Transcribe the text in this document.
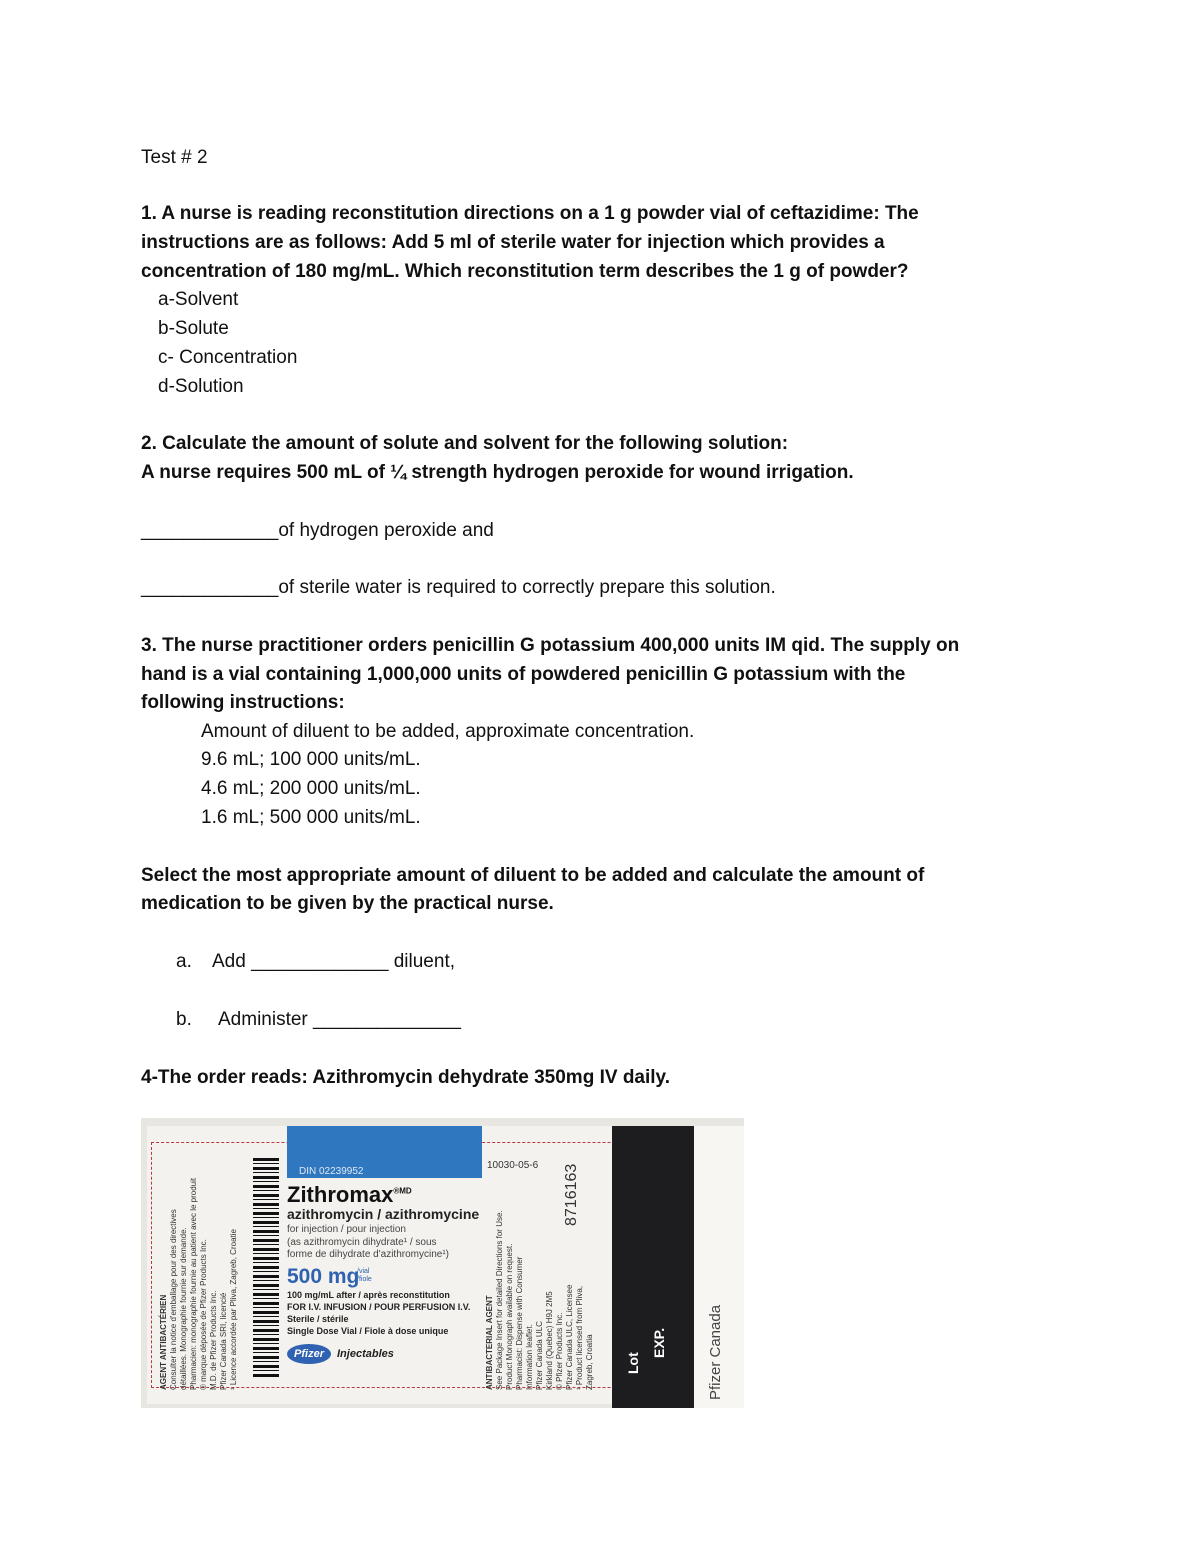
Test # 2
1. A nurse is reading reconstitution directions on a 1 g powder vial of ceftazidime: The
instructions are as follows: Add 5 ml of sterile water for injection which provides a
concentration of 180 mg/mL. Which reconstitution term describes the 1 g of powder?
a-Solvent
b-Solute
c- Concentration
d-Solution
2. Calculate the amount of solute and solvent for the following solution:
A nurse requires 500 mL of ¼ strength hydrogen peroxide for wound irrigation.
_____________of hydrogen peroxide and
_____________of sterile water is required to correctly prepare this solution.
3. The nurse practitioner orders penicillin G potassium 400,000 units IM qid. The supply on
hand is a vial containing 1,000,000 units of powdered penicillin G potassium with the
following instructions:
Amount of diluent to be added, approximate concentration.
9.6 mL; 100 000 units/mL.
4.6 mL; 200 000 units/mL.
1.6 mL; 500 000 units/mL.
Select the most appropriate amount of diluent to be added and calculate the amount of
medication to be given by the practical nurse.
a. Add _____________ diluent,
b. Administer ______________
4-The order reads: Azithromycin dehydrate 350mg IV daily.
AGENT ANTIBACTÉRIEN Consulter la notice d'emballage pour des directives détaillées. Monographie fournie sur demande. Pharmacien: monographie fournie au patient avec le produit ® marque déposée de Pfizer Products Inc. M.D. de Pfizer Products Inc. Pfizer Canada SRI, licencié ¹ Licence accordée par Pliva, Zagreb, Croatie
DIN 02239952
Zithromax$^{®MD}$
azithromycin / azithromycine
for injection / pour injection
(as azithromycin dihydrate¹ / sous
forme de dihydrate d'azithromycine¹)
500 mg
/vial /fiole
100 mg/mL after / après reconstitution
FOR I.V. INFUSION / POUR PERFUSION I.V.
Sterile / stérile
Single Dose Vial / Fiole à dose unique
Pfizer	Injectables
10030-05-6 8716163
ANTIBACTERIAL AGENT See Package Insert for detailed Directions for Use. Product Monograph available on request. Pharmacist: Dispense with Consumer Information leaflet. Pfizer Canada ULC Kirkland (Quebec) H9J 2M5 © Pfizer Products Inc. Pfizer Canada ULC, Licensee ¹ Product licensed from Pliva, Zagreb, Croatia Lot
EXP.	Pfizer Canada
